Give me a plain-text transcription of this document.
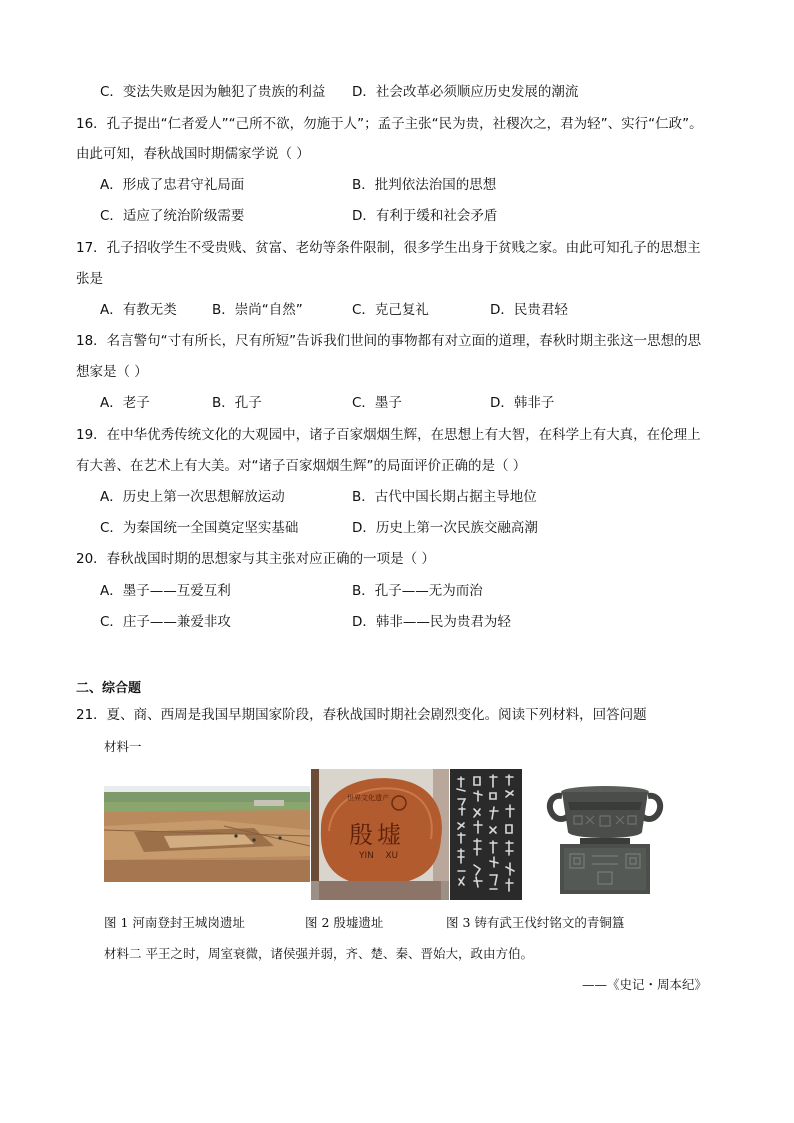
C．变法失败是因为触犯了贵族的利益 D．社会改革必须顺应历史发展的潮流
16．孔子提出“仁者爱人”“己所不欲，勿施于人”；孟子主张“民为贵，社稷次之，君为轻”、实行“仁政”。
由此可知，春秋战国时期儒家学说（ ）
A．形成了忠君守礼局面	B．批判依法治国的思想
C．适应了统治阶级需要	D．有利于缓和社会矛盾
17．孔子招收学生不受贵贱、贫富、老幼等条件限制，很多学生出身于贫贱之家。由此可知孔子的思想主
张是
A．有教无类	B．崇尚“自然”	C．克己复礼	D．民贵君轻
18．名言警句“寸有所长，尺有所短”告诉我们世间的事物都有对立面的道理，春秋时期主张这一思想的思
想家是（ ）
A．老子	B．孔子	C．墨子	D．韩非子
19．在中华优秀传统文化的大观园中，诸子百家烟烟生辉，在思想上有大智，在科学上有大真，在伦理上
有大善、在艺术上有大美。对“诸子百家烟烟生辉”的局面评价正确的是（ ）
A．历史上第一次思想解放运动	B．古代中国长期占据主导地位
C．为秦国统一全国奠定坚实基础	D．历史上第一次民族交融高潮
20．春秋战国时期的思想家与其主张对应正确的一项是（ ）
A．墨子——互爱互利	B．孔子——无为而治
C．庄子——兼爱非攻	D．韩非——民为贵君为轻
二、综合题
21．夏、商、西周是我国早期国家阶段，春秋战国时期社会剧烈变化。阅读下列材料，回答问题
材料一
世界文化遗产
殷墟
YIN    XU
图 1 河南登封王城岗遗址	图 2 殷墟遗址	图 3 铸有武王伐纣铭文的青铜簋
材料二 平王之时，周室衰微，诸侯强并弱，齐、楚、秦、晋始大，政由方伯。
——《史记・周本纪》
